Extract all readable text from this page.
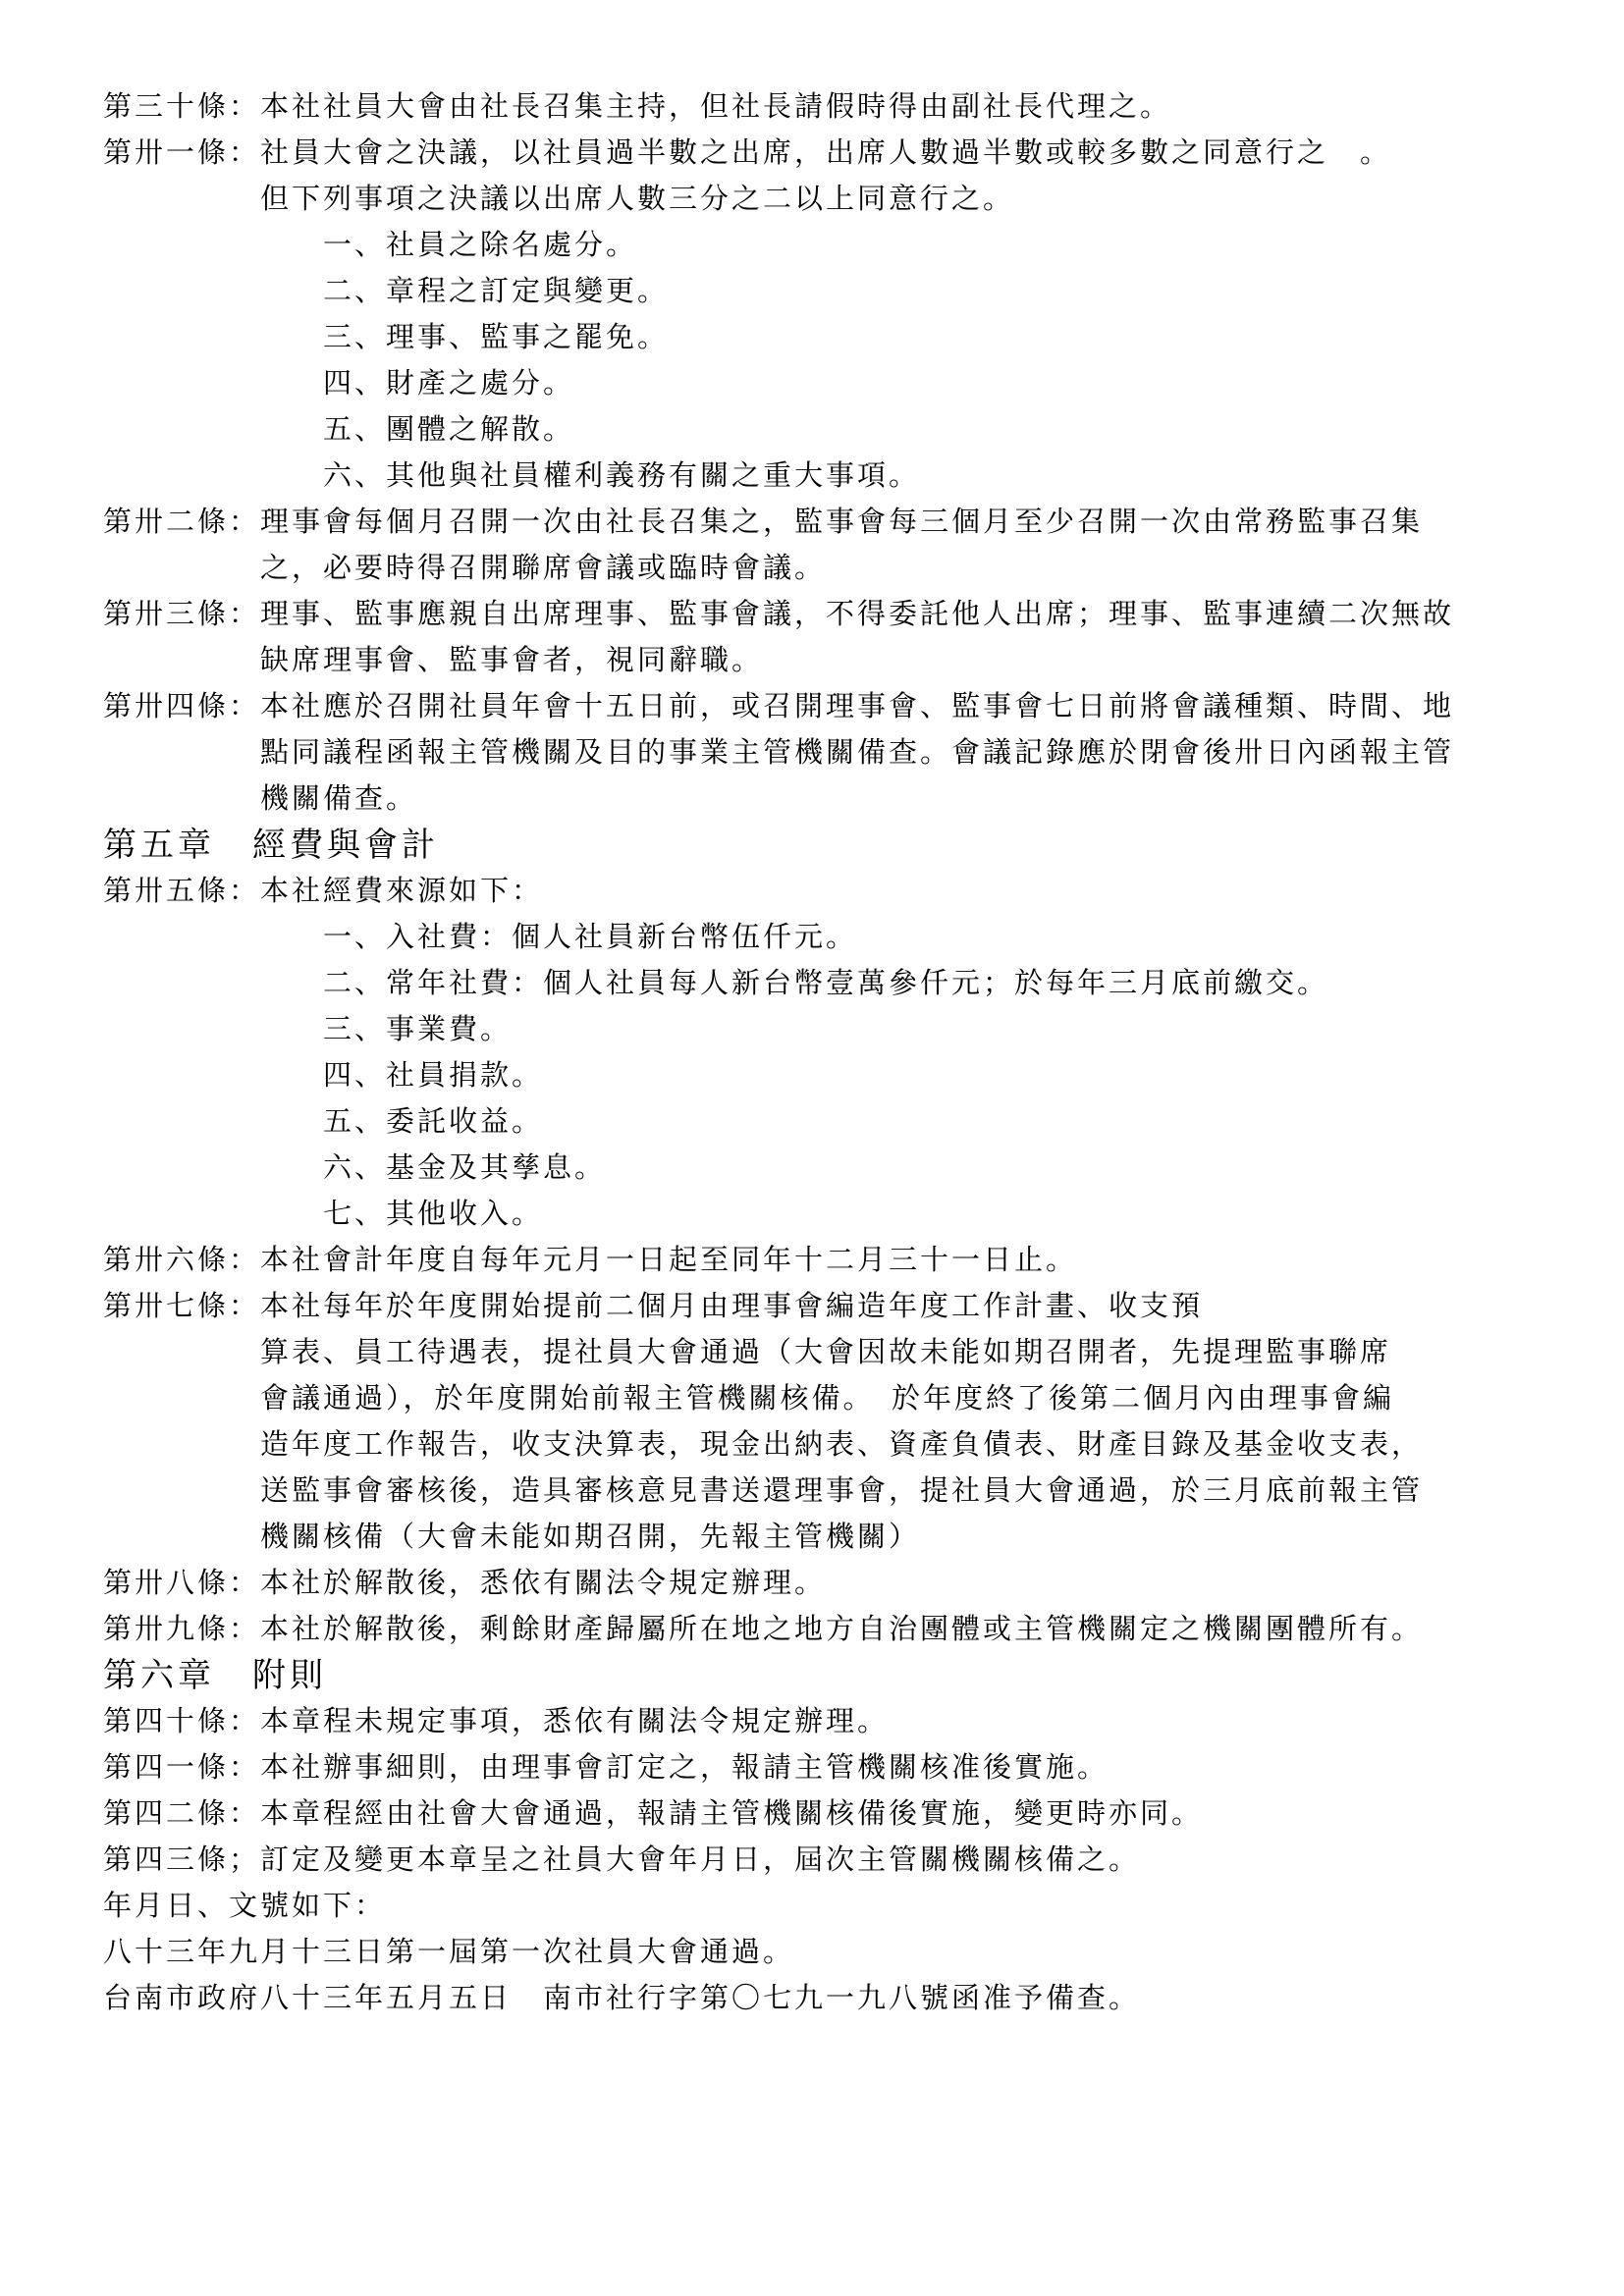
第三十條：本社社員大會由社長召集主持，但社長請假時得由副社長代理之。
第卅一條：社員大會之決議，以社員過半數之出席，出席人數過半數或較多數之同意行之　。
但下列事項之決議以出席人數三分之二以上同意行之。
一、社員之除名處分。
二、章程之訂定與變更。
三、理事、監事之罷免。
四、財產之處分。
五、團體之解散。
六、其他與社員權利義務有關之重大事項。
第卅二條：理事會每個月召開一次由社長召集之，監事會每三個月至少召開一次由常務監事召集
之，必要時得召開聯席會議或臨時會議。
第卅三條：理事、監事應親自出席理事、監事會議，不得委託他人出席；理事、監事連續二次無故
缺席理事會、監事會者，視同辭職。
第卅四條：本社應於召開社員年會十五日前，或召開理事會、監事會七日前將會議種類、時間、地
點同議程函報主管機關及目的事業主管機關備查。會議記錄應於閉會後卅日內函報主管
機關備查。
第五章　經費與會計
第卅五條：本社經費來源如下：
一、入社費：個人社員新台幣伍仟元。
二、常年社費：個人社員每人新台幣壹萬參仟元；於每年三月底前繳交。
三、事業費。
四、社員捐款。
五、委託收益。
六、基金及其孳息。
七、其他收入。
第卅六條：本社會計年度自每年元月一日起至同年十二月三十一日止。
第卅七條：本社每年於年度開始提前二個月由理事會編造年度工作計畫、收支預
算表、員工待遇表，提社員大會通過（大會因故未能如期召開者，先提理監事聯席
會議通過），於年度開始前報主管機關核備。　於年度終了後第二個月內由理事會編
造年度工作報告，收支決算表，現金出納表、資產負債表、財產目錄及基金收支表，
送監事會審核後，造具審核意見書送還理事會，提社員大會通過，於三月底前報主管
機關核備（大會未能如期召開，先報主管機關）
第卅八條：本社於解散後，悉依有關法令規定辦理。
第卅九條：本社於解散後，剩餘財產歸屬所在地之地方自治團體或主管機關定之機關團體所有。
第六章　附則
第四十條：本章程未規定事項，悉依有關法令規定辦理。
第四一條：本社辦事細則，由理事會訂定之，報請主管機關核准後實施。
第四二條：本章程經由社會大會通過，報請主管機關核備後實施，變更時亦同。
第四三條；訂定及變更本章呈之社員大會年月日，屆次主管關機關核備之。
年月日、文號如下：
八十三年九月十三日第一屆第一次社員大會通過。
台南市政府八十三年五月五日　南市社行字第〇七九一九八號函准予備查。
